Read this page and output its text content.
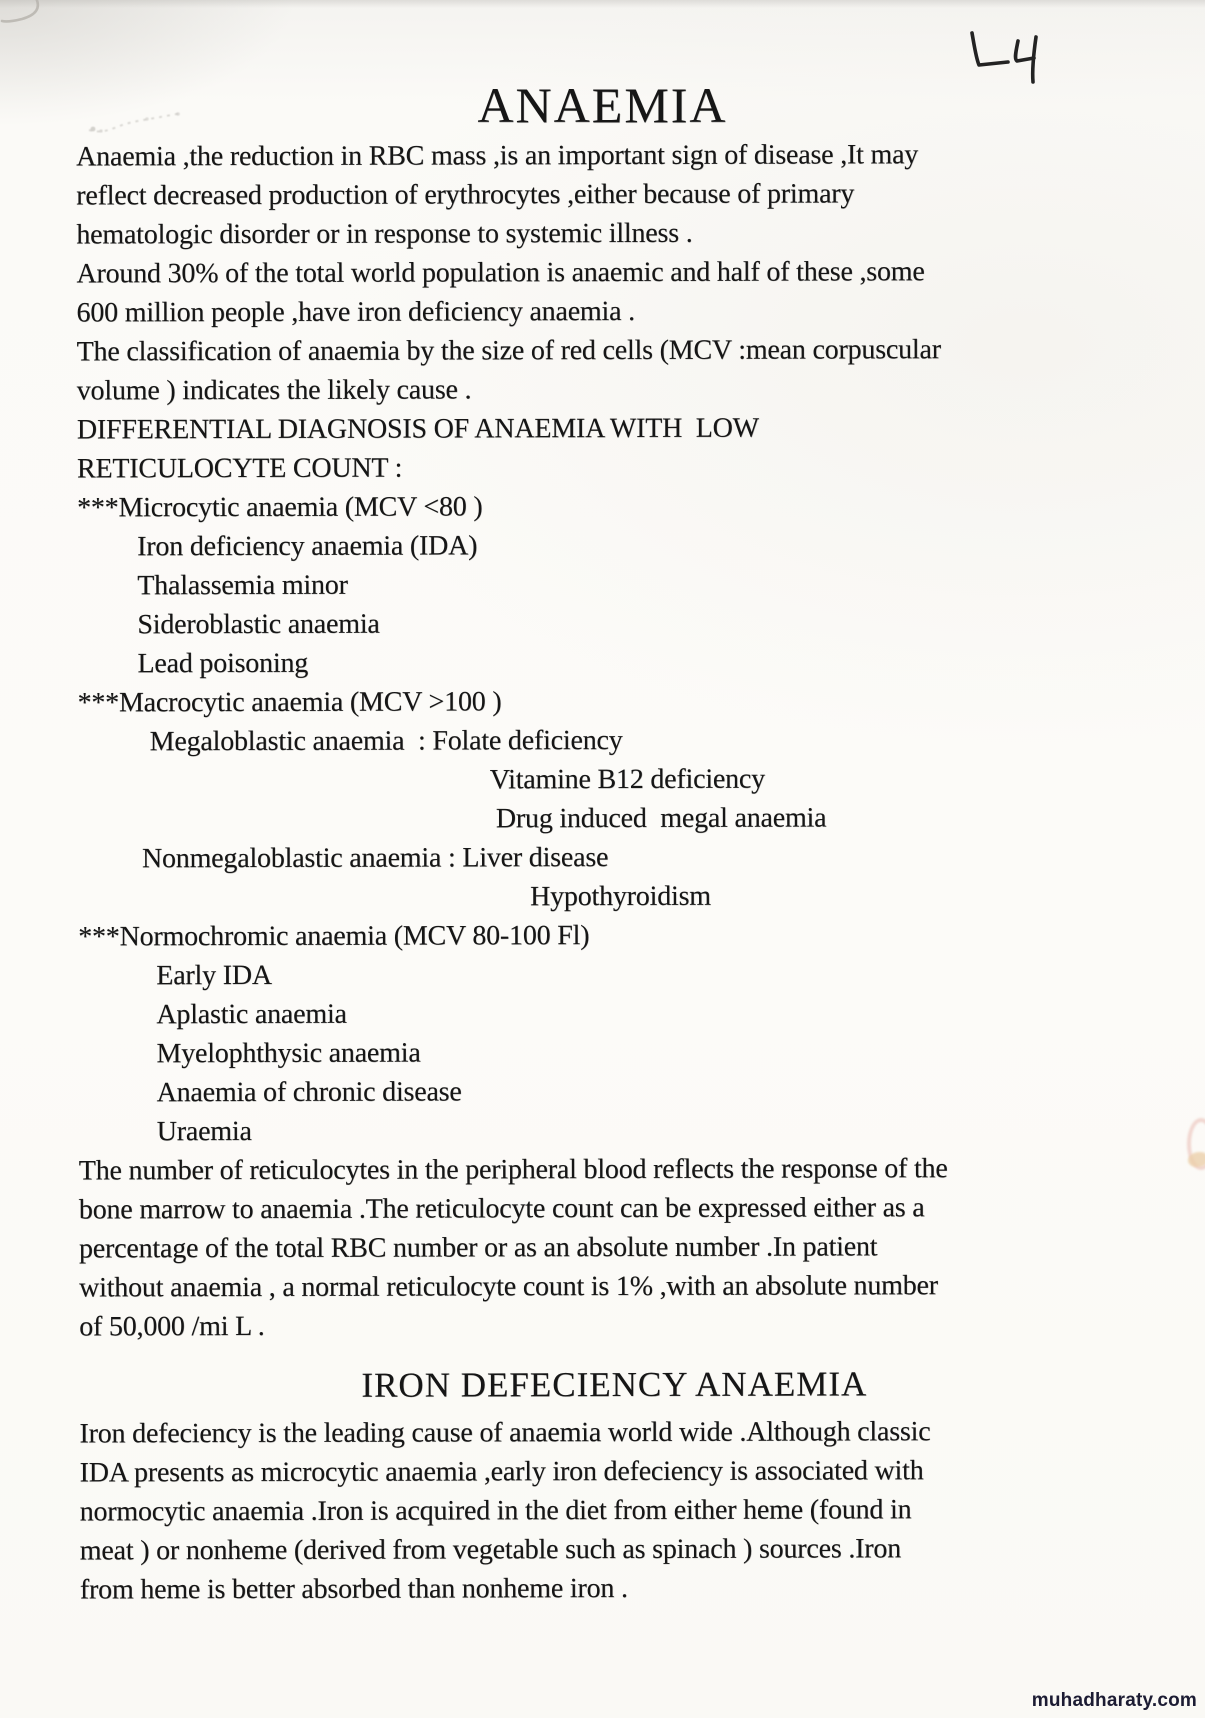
ANAEMIA
Anaemia ,the reduction in RBC mass ,is an important sign of disease ,It may
reflect decreased production of erythrocytes ,either because of primary
hematologic disorder or in response to systemic illness .
Around 30% of the total world population is anaemic and half of these ,some
600 million people ,have iron deficiency anaemia .
The classification of anaemia by the size of red cells (MCV :mean corpuscular
volume ) indicates the likely cause .
DIFFERENTIAL DIAGNOSIS OF ANAEMIA WITH  LOW
RETICULOCYTE COUNT :
***Microcytic anaemia (MCV <80 )
Iron deficiency anaemia (IDA)
Thalassemia minor
Sideroblastic anaemia
Lead poisoning
***Macrocytic anaemia (MCV >100 )
Megaloblastic anaemia  : Folate deficiency
Vitamine B12 deficiency
Drug induced  megal anaemia
Nonmegaloblastic anaemia : Liver disease
Hypothyroidism
***Normochromic anaemia (MCV 80-100 Fl)
Early IDA
Aplastic anaemia
Myelophthysic anaemia
Anaemia of chronic disease
Uraemia
The number of reticulocytes in the peripheral blood reflects the response of the
bone marrow to anaemia .The reticulocyte count can be expressed either as a
percentage of the total RBC number or as an absolute number .In patient
without anaemia , a normal reticulocyte count is 1% ,with an absolute number
of 50,000 /mi L .
IRON DEFECIENCY ANAEMIA
Iron defeciency is the leading cause of anaemia world wide .Although classic
IDA presents as microcytic anaemia ,early iron defeciency is associated with
normocytic anaemia .Iron is acquired in the diet from either heme (found in
meat ) or nonheme (derived from vegetable such as spinach ) sources .Iron
from heme is better absorbed than nonheme iron .
muhadharaty.com
